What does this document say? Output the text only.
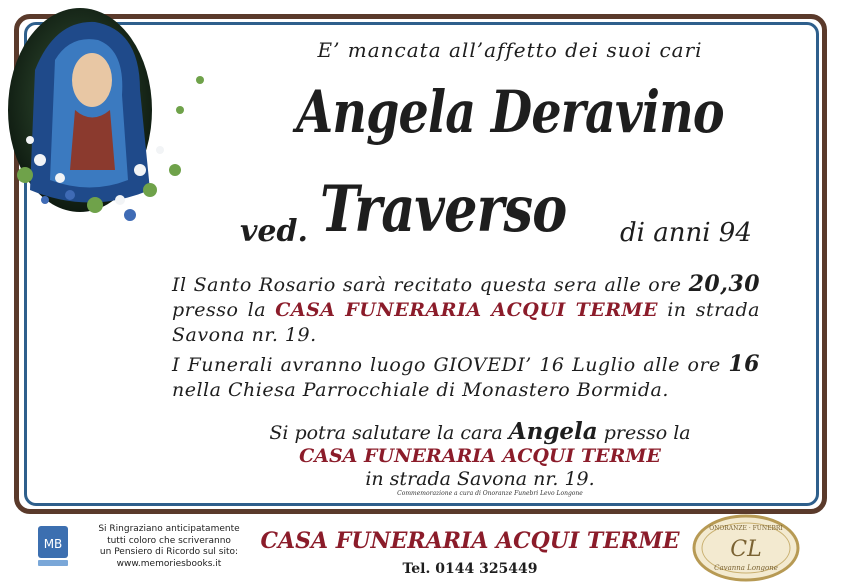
E’ mancata all’affetto dei suoi cari
Angela Deravino
ved. Traverso di anni 94
Il Santo Rosario sarà recitato questa sera alle ore 20,30 presso la CASA FUNERARIA ACQUI TERME in strada Savona nr. 19.
I Funerali avranno luogo GIOVEDI’ 16 Luglio alle ore 16 nella Chiesa Parrocchiale di Monastero Bormida.
Si potra salutare la cara Angela presso la
CASA FUNERARIA ACQUI TERME
in strada Savona nr. 19.
Commemorazione a cura di Onoranze Funebri Levo Longone
MB
Si Ringraziano anticipatamente
tutti coloro che scriveranno
un Pensiero di Ricordo sul sito:
www.memoriesbooks.it
CASA FUNERARIA ACQUI TERME
Tel. 0144 325449
ONORANZE · FUNEBRI
CL
Cavanna Longone
